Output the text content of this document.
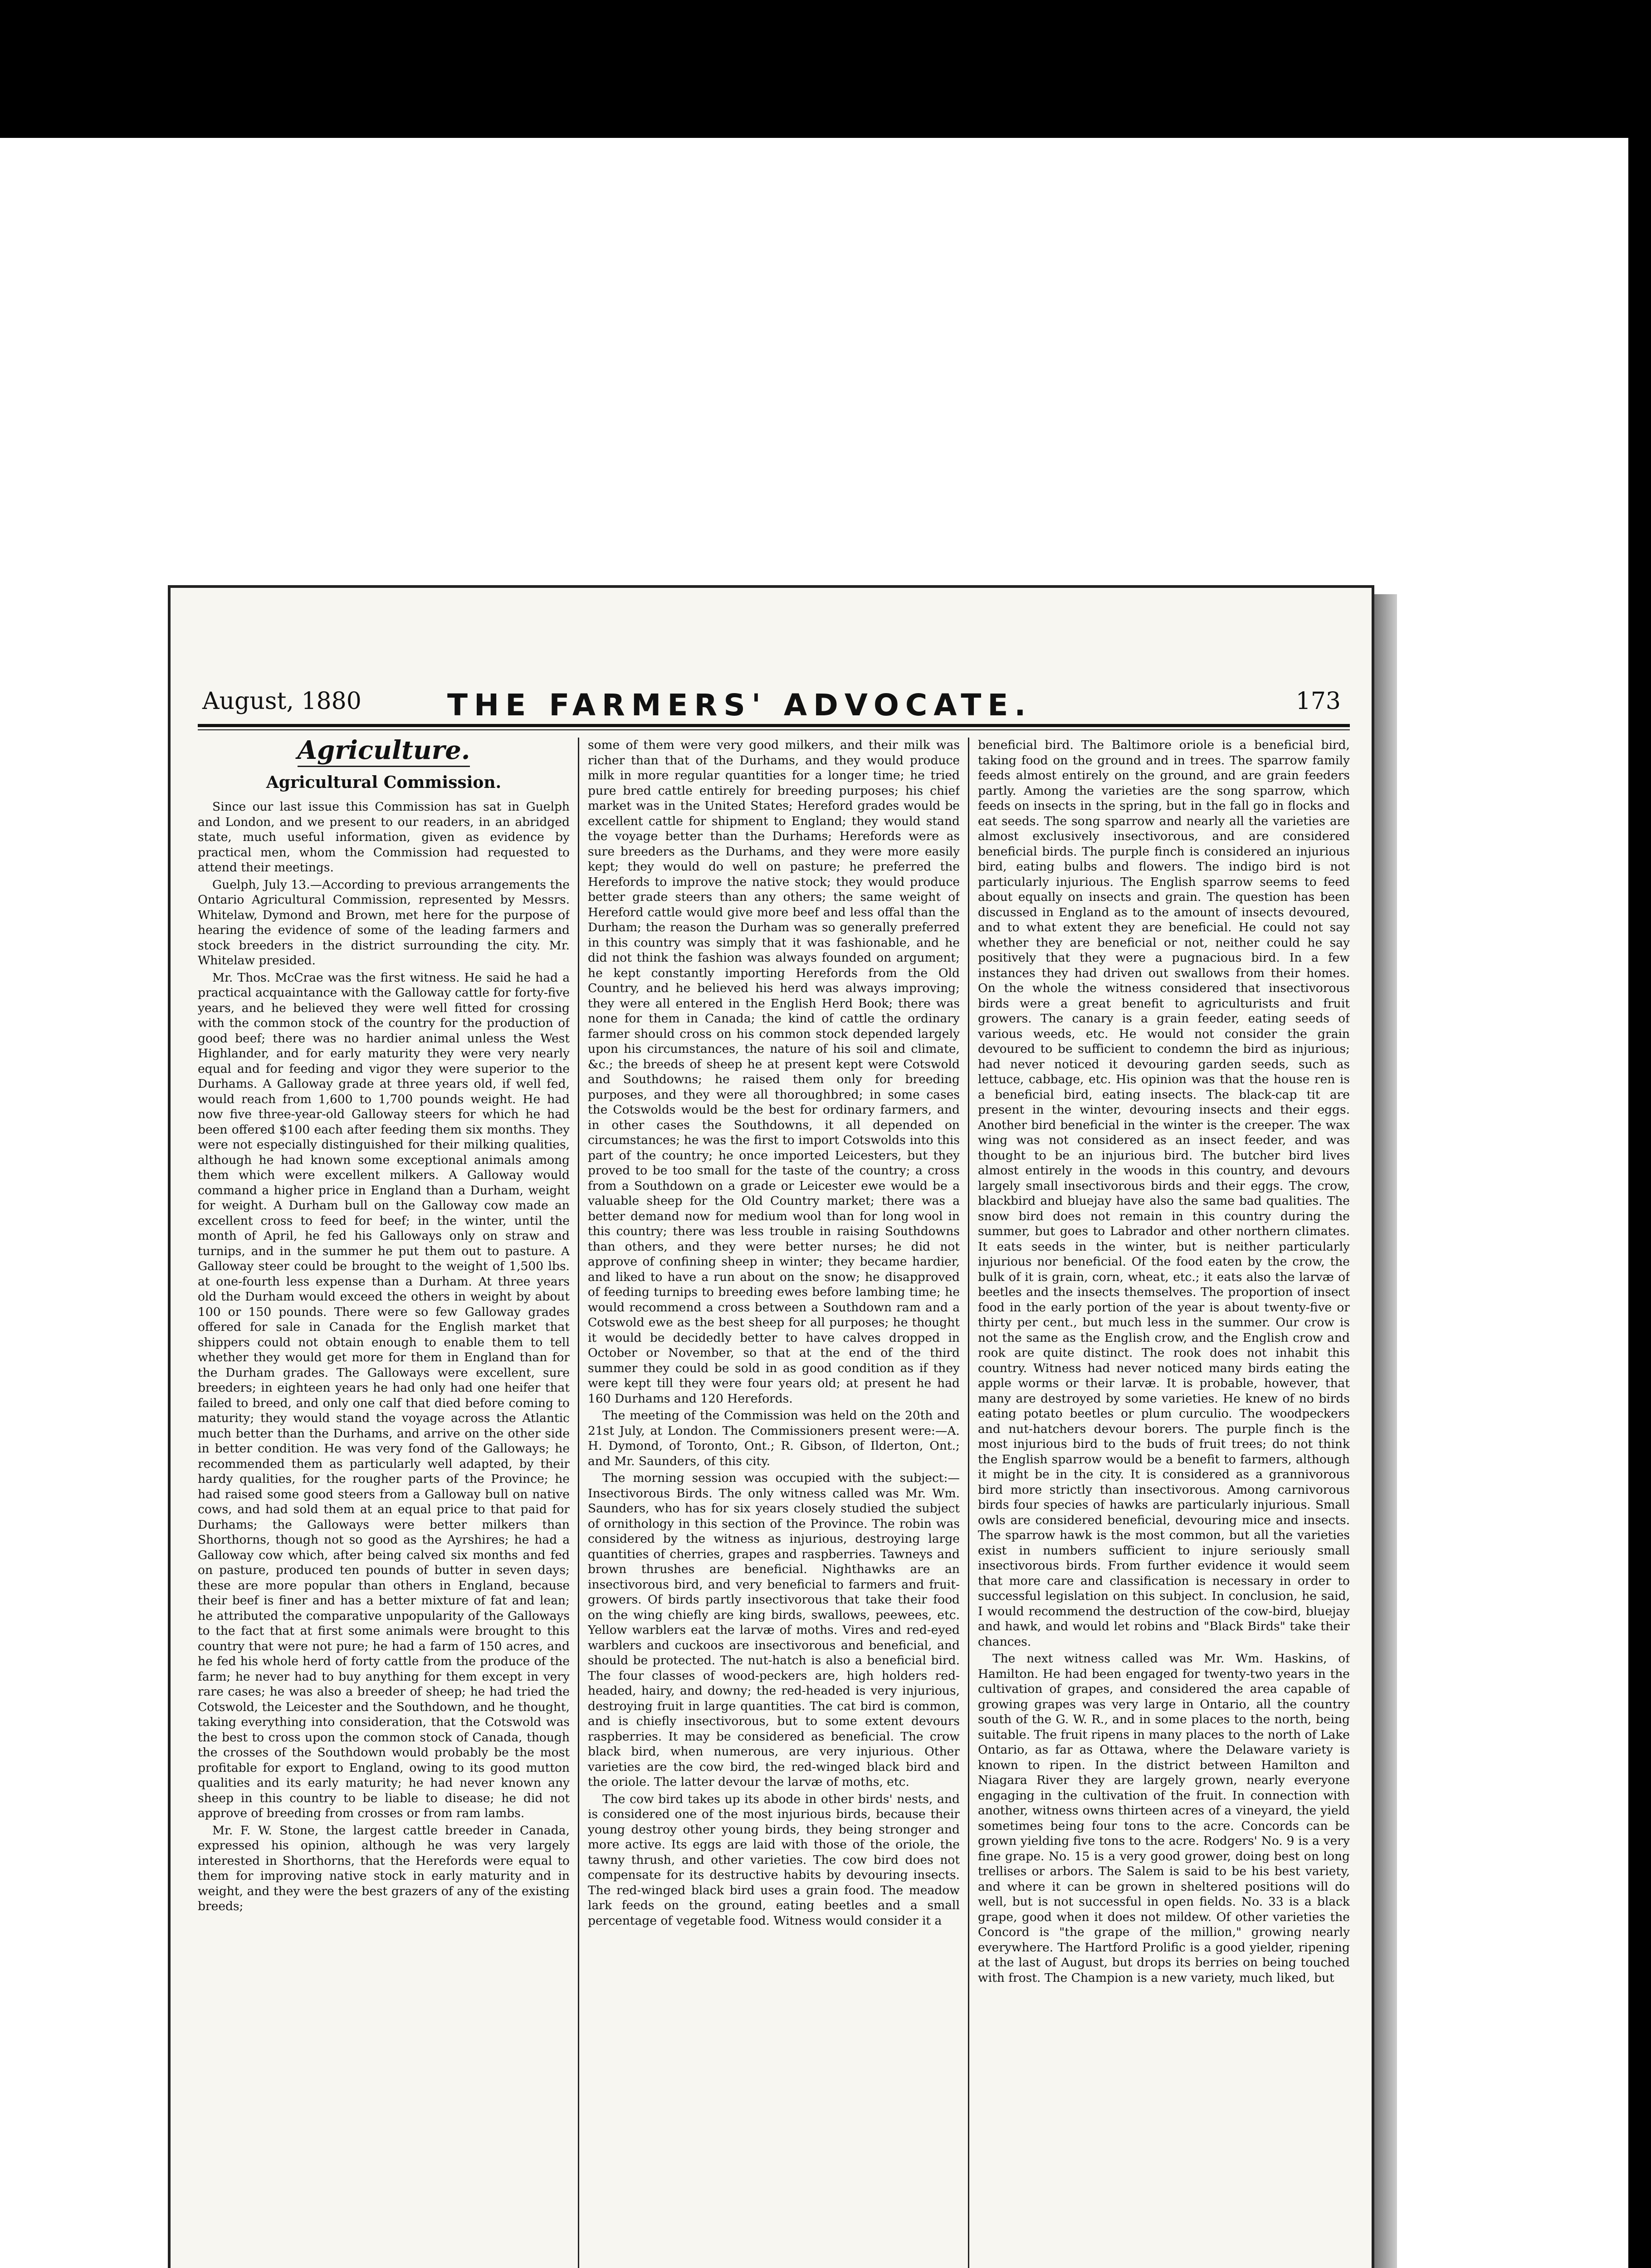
August, 1880	THE FARMERS' ADVOCATE.	173
Agriculture.
Agricultural Commission.

Since our last issue this Commission has sat in Guelph and London, and we present to our readers, in an abridged state, much useful information, given as evidence by practical men, whom the Commission had requested to attend their meetings.

Guelph, July 13.—According to previous arrangements the Ontario Agricultural Commission, represented by Messrs. Whitelaw, Dymond and Brown, met here for the purpose of hearing the evidence of some of the leading farmers and stock breeders in the district surrounding the city. Mr. Whitelaw presided.

Mr. Thos. McCrae was the first witness. He said he had a practical acquaintance with the Galloway cattle for forty-five years, and he believed they were well fitted for crossing with the common stock of the country for the production of good beef; there was no hardier animal unless the West Highlander, and for early maturity they were very nearly equal and for feeding and vigor they were superior to the Durhams. A Galloway grade at three years old, if well fed, would reach from 1,600 to 1,700 pounds weight. He had now five three-year-old Galloway steers for which he had been offered $100 each after feeding them six months. They were not especially distinguished for their milking qualities, although he had known some exceptional animals among them which were excellent milkers. A Galloway would command a higher price in England than a Durham, weight for weight. A Durham bull on the Galloway cow made an excellent cross to feed for beef; in the winter, until the month of April, he fed his Galloways only on straw and turnips, and in the summer he put them out to pasture. A Galloway steer could be brought to the weight of 1,500 lbs. at one-fourth less expense than a Durham. At three years old the Durham would exceed the others in weight by about 100 or 150 pounds. There were so few Galloway grades offered for sale in Canada for the English market that shippers could not obtain enough to enable them to tell whether they would get more for them in England than for the Durham grades. The Galloways were excellent, sure breeders; in eighteen years he had only had one heifer that failed to breed, and only one calf that died before coming to maturity; they would stand the voyage across the Atlantic much better than the Durhams, and arrive on the other side in better condition. He was very fond of the Galloways; he recommended them as particularly well adapted, by their hardy qualities, for the rougher parts of the Province; he had raised some good steers from a Galloway bull on native cows, and had sold them at an equal price to that paid for Durhams; the Galloways were better milkers than Shorthorns, though not so good as the Ayrshires; he had a Galloway cow which, after being calved six months and fed on pasture, produced ten pounds of butter in seven days; these are more popular than others in England, because their beef is finer and has a better mixture of fat and lean; he attributed the comparative unpopularity of the Galloways to the fact that at first some animals were brought to this country that were not pure; he had a farm of 150 acres, and he fed his whole herd of forty cattle from the produce of the farm; he never had to buy anything for them except in very rare cases; he was also a breeder of sheep; he had tried the Cotswold, the Leicester and the Southdown, and he thought, taking everything into consideration, that the Cotswold was the best to cross upon the common stock of Canada, though the crosses of the Southdown would probably be the most profitable for export to England, owing to its good mutton qualities and its early maturity; he had never known any sheep in this country to be liable to disease; he did not approve of breeding from crosses or from ram lambs.

Mr. F. W. Stone, the largest cattle breeder in Canada, expressed his opinion, although he was very largely interested in Shorthorns, that the Herefords were equal to them for improving native stock in early maturity and in weight, and they were the best grazers of any of the existing breeds;

some of them were very good milkers, and their milk was richer than that of the Durhams, and they would produce milk in more regular quantities for a longer time; he tried pure bred cattle entirely for breeding purposes; his chief market was in the United States; Hereford grades would be excellent cattle for shipment to England; they would stand the voyage better than the Durhams; Herefords were as sure breeders as the Durhams, and they were more easily kept; they would do well on pasture; he preferred the Herefords to improve the native stock; they would produce better grade steers than any others; the same weight of Hereford cattle would give more beef and less offal than the Durham; the reason the Durham was so generally preferred in this country was simply that it was fashionable, and he did not think the fashion was always founded on argument; he kept constantly importing Herefords from the Old Country, and he believed his herd was always improving; they were all entered in the English Herd Book; there was none for them in Canada; the kind of cattle the ordinary farmer should cross on his common stock depended largely upon his circumstances, the nature of his soil and climate, &c.; the breeds of sheep he at present kept were Cotswold and Southdowns; he raised them only for breeding purposes, and they were all thoroughbred; in some cases the Cotswolds would be the best for ordinary farmers, and in other cases the Southdowns, it all depended on circumstances; he was the first to import Cotswolds into this part of the country; he once imported Leicesters, but they proved to be too small for the taste of the country; a cross from a Southdown on a grade or Leicester ewe would be a valuable sheep for the Old Country market; there was a better demand now for medium wool than for long wool in this country; there was less trouble in raising Southdowns than others, and they were better nurses; he did not approve of confining sheep in winter; they became hardier, and liked to have a run about on the snow; he disapproved of feeding turnips to breeding ewes before lambing time; he would recommend a cross between a Southdown ram and a Cotswold ewe as the best sheep for all purposes; he thought it would be decidedly better to have calves dropped in October or November, so that at the end of the third summer they could be sold in as good condition as if they were kept till they were four years old; at present he had 160 Durhams and 120 Herefords.

The meeting of the Commission was held on the 20th and 21st July, at London. The Commissioners present were:—A. H. Dymond, of Toronto, Ont.; R. Gibson, of Ilderton, Ont.; and Mr. Saunders, of this city.

The morning session was occupied with the subject:—Insectivorous Birds. The only witness called was Mr. Wm. Saunders, who has for six years closely studied the subject of ornithology in this section of the Province. The robin was considered by the witness as injurious, destroying large quantities of cherries, grapes and raspberries. Tawneys and brown thrushes are beneficial. Nighthawks are an insectivorous bird, and very beneficial to farmers and fruit-growers. Of birds partly insectivorous that take their food on the wing chiefly are king birds, swallows, peewees, etc. Yellow warblers eat the larvæ of moths. Vires and red-eyed warblers and cuckoos are insectivorous and beneficial, and should be protected. The nut-hatch is also a beneficial bird. The four classes of wood-peckers are, high holders red-headed, hairy, and downy; the red-headed is very injurious, destroying fruit in large quantities. The cat bird is common, and is chiefly insectivorous, but to some extent devours raspberries. It may be considered as beneficial. The crow black bird, when numerous, are very injurious. Other varieties are the cow bird, the red-winged black bird and the oriole. The latter devour the larvæ of moths, etc.

The cow bird takes up its abode in other birds' nests, and is considered one of the most injurious birds, because their young destroy other young birds, they being stronger and more active. Its eggs are laid with those of the oriole, the tawny thrush, and other varieties. The cow bird does not compensate for its destructive habits by devouring insects. The red-winged black bird uses a grain food. The meadow lark feeds on the ground, eating beetles and a small percentage of vegetable food. Witness would consider it a

beneficial bird. The Baltimore oriole is a beneficial bird, taking food on the ground and in trees. The sparrow family feeds almost entirely on the ground, and are grain feeders partly. Among the varieties are the song sparrow, which feeds on insects in the spring, but in the fall go in flocks and eat seeds. The song sparrow and nearly all the varieties are almost exclusively insectivorous, and are considered beneficial birds. The purple finch is considered an injurious bird, eating bulbs and flowers. The indigo bird is not particularly injurious. The English sparrow seems to feed about equally on insects and grain. The question has been discussed in England as to the amount of insects devoured, and to what extent they are beneficial. He could not say whether they are beneficial or not, neither could he say positively that they were a pugnacious bird. In a few instances they had driven out swallows from their homes. On the whole the witness considered that insectivorous birds were a great benefit to agriculturists and fruit growers. The canary is a grain feeder, eating seeds of various weeds, etc. He would not consider the grain devoured to be sufficient to condemn the bird as injurious; had never noticed it devouring garden seeds, such as lettuce, cabbage, etc. His opinion was that the house ren is a beneficial bird, eating insects. The black-cap tit are present in the winter, devouring insects and their eggs. Another bird beneficial in the winter is the creeper. The wax wing was not considered as an insect feeder, and was thought to be an injurious bird. The butcher bird lives almost entirely in the woods in this country, and devours largely small insectivorous birds and their eggs. The crow, blackbird and bluejay have also the same bad qualities. The snow bird does not remain in this country during the summer, but goes to Labrador and other northern climates. It eats seeds in the winter, but is neither particularly injurious nor beneficial. Of the food eaten by the crow, the bulk of it is grain, corn, wheat, etc.; it eats also the larvæ of beetles and the insects themselves. The proportion of insect food in the early portion of the year is about twenty-five or thirty per cent., but much less in the summer. Our crow is not the same as the English crow, and the English crow and rook are quite distinct. The rook does not inhabit this country. Witness had never noticed many birds eating the apple worms or their larvæ. It is probable, however, that many are destroyed by some varieties. He knew of no birds eating potato beetles or plum curculio. The woodpeckers and nut-hatchers devour borers. The purple finch is the most injurious bird to the buds of fruit trees; do not think the English sparrow would be a benefit to farmers, although it might be in the city. It is considered as a grannivorous bird more strictly than insectivorous. Among carnivorous birds four species of hawks are particularly injurious. Small owls are considered beneficial, devouring mice and insects. The sparrow hawk is the most common, but all the varieties exist in numbers sufficient to injure seriously small insectivorous birds. From further evidence it would seem that more care and classification is necessary in order to successful legislation on this subject. In conclusion, he said, I would recommend the destruction of the cow-bird, bluejay and hawk, and would let robins and "Black Birds" take their chances.

The next witness called was Mr. Wm. Haskins, of Hamilton. He had been engaged for twenty-two years in the cultivation of grapes, and considered the area capable of growing grapes was very large in Ontario, all the country south of the G. W. R., and in some places to the north, being suitable. The fruit ripens in many places to the north of Lake Ontario, as far as Ottawa, where the Delaware variety is known to ripen. In the district between Hamilton and Niagara River they are largely grown, nearly everyone engaging in the cultivation of the fruit. In connection with another, witness owns thirteen acres of a vineyard, the yield sometimes being four tons to the acre. Concords can be grown yielding five tons to the acre. Rodgers' No. 9 is a very fine grape. No. 15 is a very good grower, doing best on long trellises or arbors. The Salem is said to be his best variety, and where it can be grown in sheltered positions will do well, but is not successful in open fields. No. 33 is a black grape, good when it does not mildew. Of other varieties the Concord is "the grape of the million," growing nearly everywhere. The Hartford Prolific is a good yielder, ripening at the last of August, but drops its berries on being touched with frost. The Champion is a new variety, much liked, but
